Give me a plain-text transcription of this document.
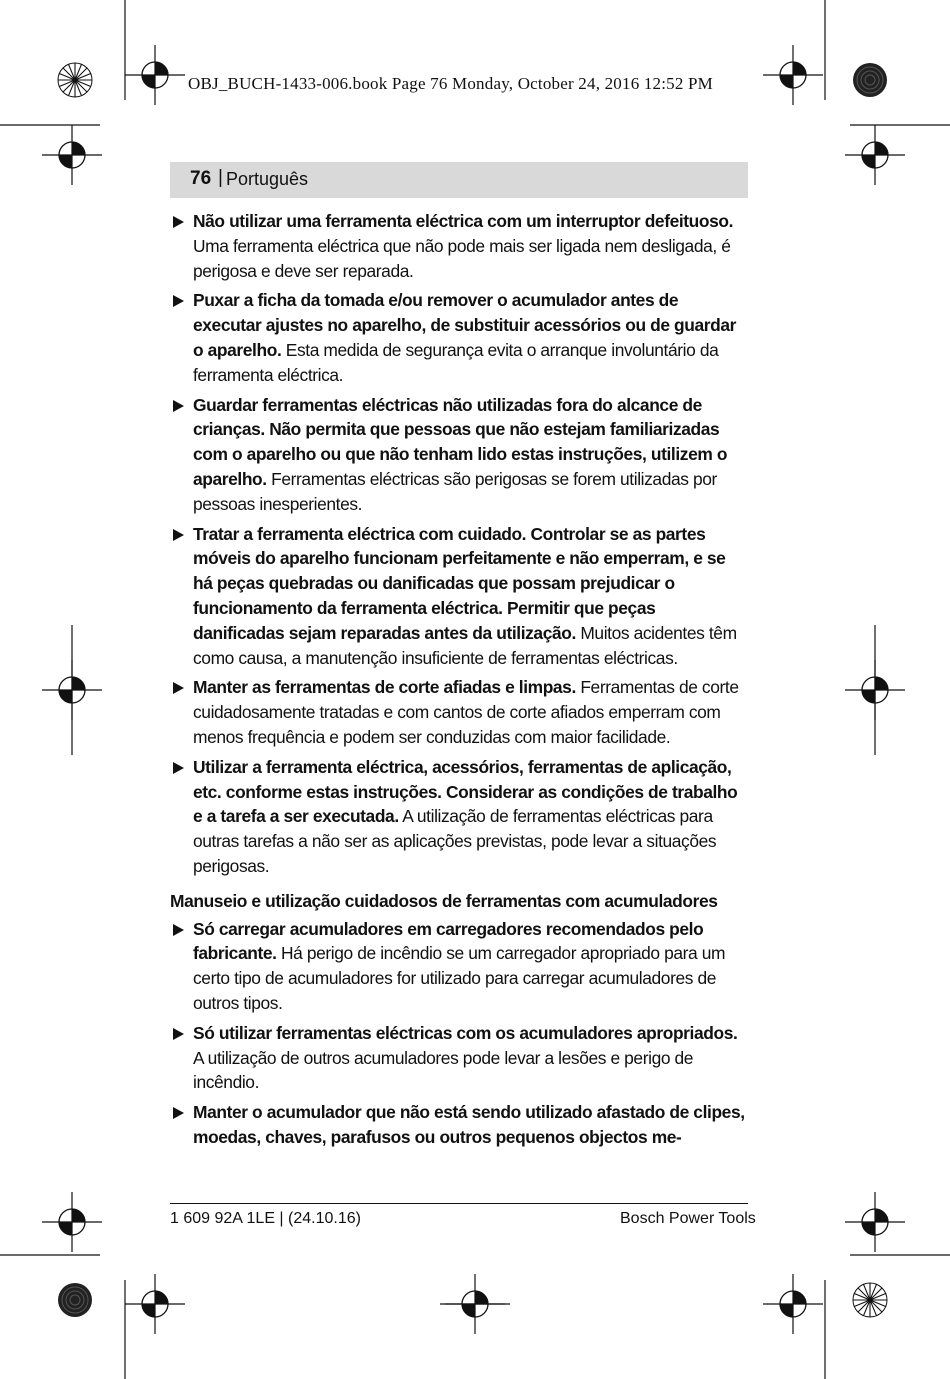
OBJ_BUCH-1433-006.book Page 76 Monday, October 24, 2016 12:52 PM
76 | Português
Não utilizar uma ferramenta eléctrica com um interruptor defeituoso. Uma ferramenta eléctrica que não pode mais ser ligada nem desligada, é perigosa e deve ser reparada.
Puxar a ficha da tomada e/ou remover o acumulador antes de executar ajustes no aparelho, de substituir acessórios ou de guardar o aparelho. Esta medida de segurança evita o arranque involuntário da ferramenta eléctrica.
Guardar ferramentas eléctricas não utilizadas fora do alcance de crianças. Não permita que pessoas que não estejam familiarizadas com o aparelho ou que não tenham lido estas instruções, utilizem o aparelho. Ferramentas eléctricas são perigosas se forem utilizadas por pessoas inesperientes.
Tratar a ferramenta eléctrica com cuidado. Controlar se as partes móveis do aparelho funcionam perfeitamente e não emperram, e se há peças quebradas ou danificadas que possam prejudicar o funcionamento da ferramenta eléctrica. Permitir que peças danificadas sejam reparadas antes da utilização. Muitos acidentes têm como causa, a manutenção insuficiente de ferramentas eléctricas.
Manter as ferramentas de corte afiadas e limpas. Ferramentas de corte cuidadosamente tratadas e com cantos de corte afiados emperram com menos frequência e podem ser conduzidas com maior facilidade.
Utilizar a ferramenta eléctrica, acessórios, ferramentas de aplicação, etc. conforme estas instruções. Considerar as condições de trabalho e a tarefa a ser executada. A utilização de ferramentas eléctricas para outras tarefas a não ser as aplicações previstas, pode levar a situações perigosas.
Manuseio e utilização cuidadosos de ferramentas com acumuladores
Só carregar acumuladores em carregadores recomendados pelo fabricante. Há perigo de incêndio se um carregador apropriado para um certo tipo de acumuladores for utilizado para carregar acumuladores de outros tipos.
Só utilizar ferramentas eléctricas com os acumuladores apropriados. A utilização de outros acumuladores pode levar a lesões e perigo de incêndio.
Manter o acumulador que não está sendo utilizado afastado de clipes, moedas, chaves, parafusos ou outros pequenos objectos me-
1 609 92A 1LE | (24.10.16)	Bosch Power Tools
